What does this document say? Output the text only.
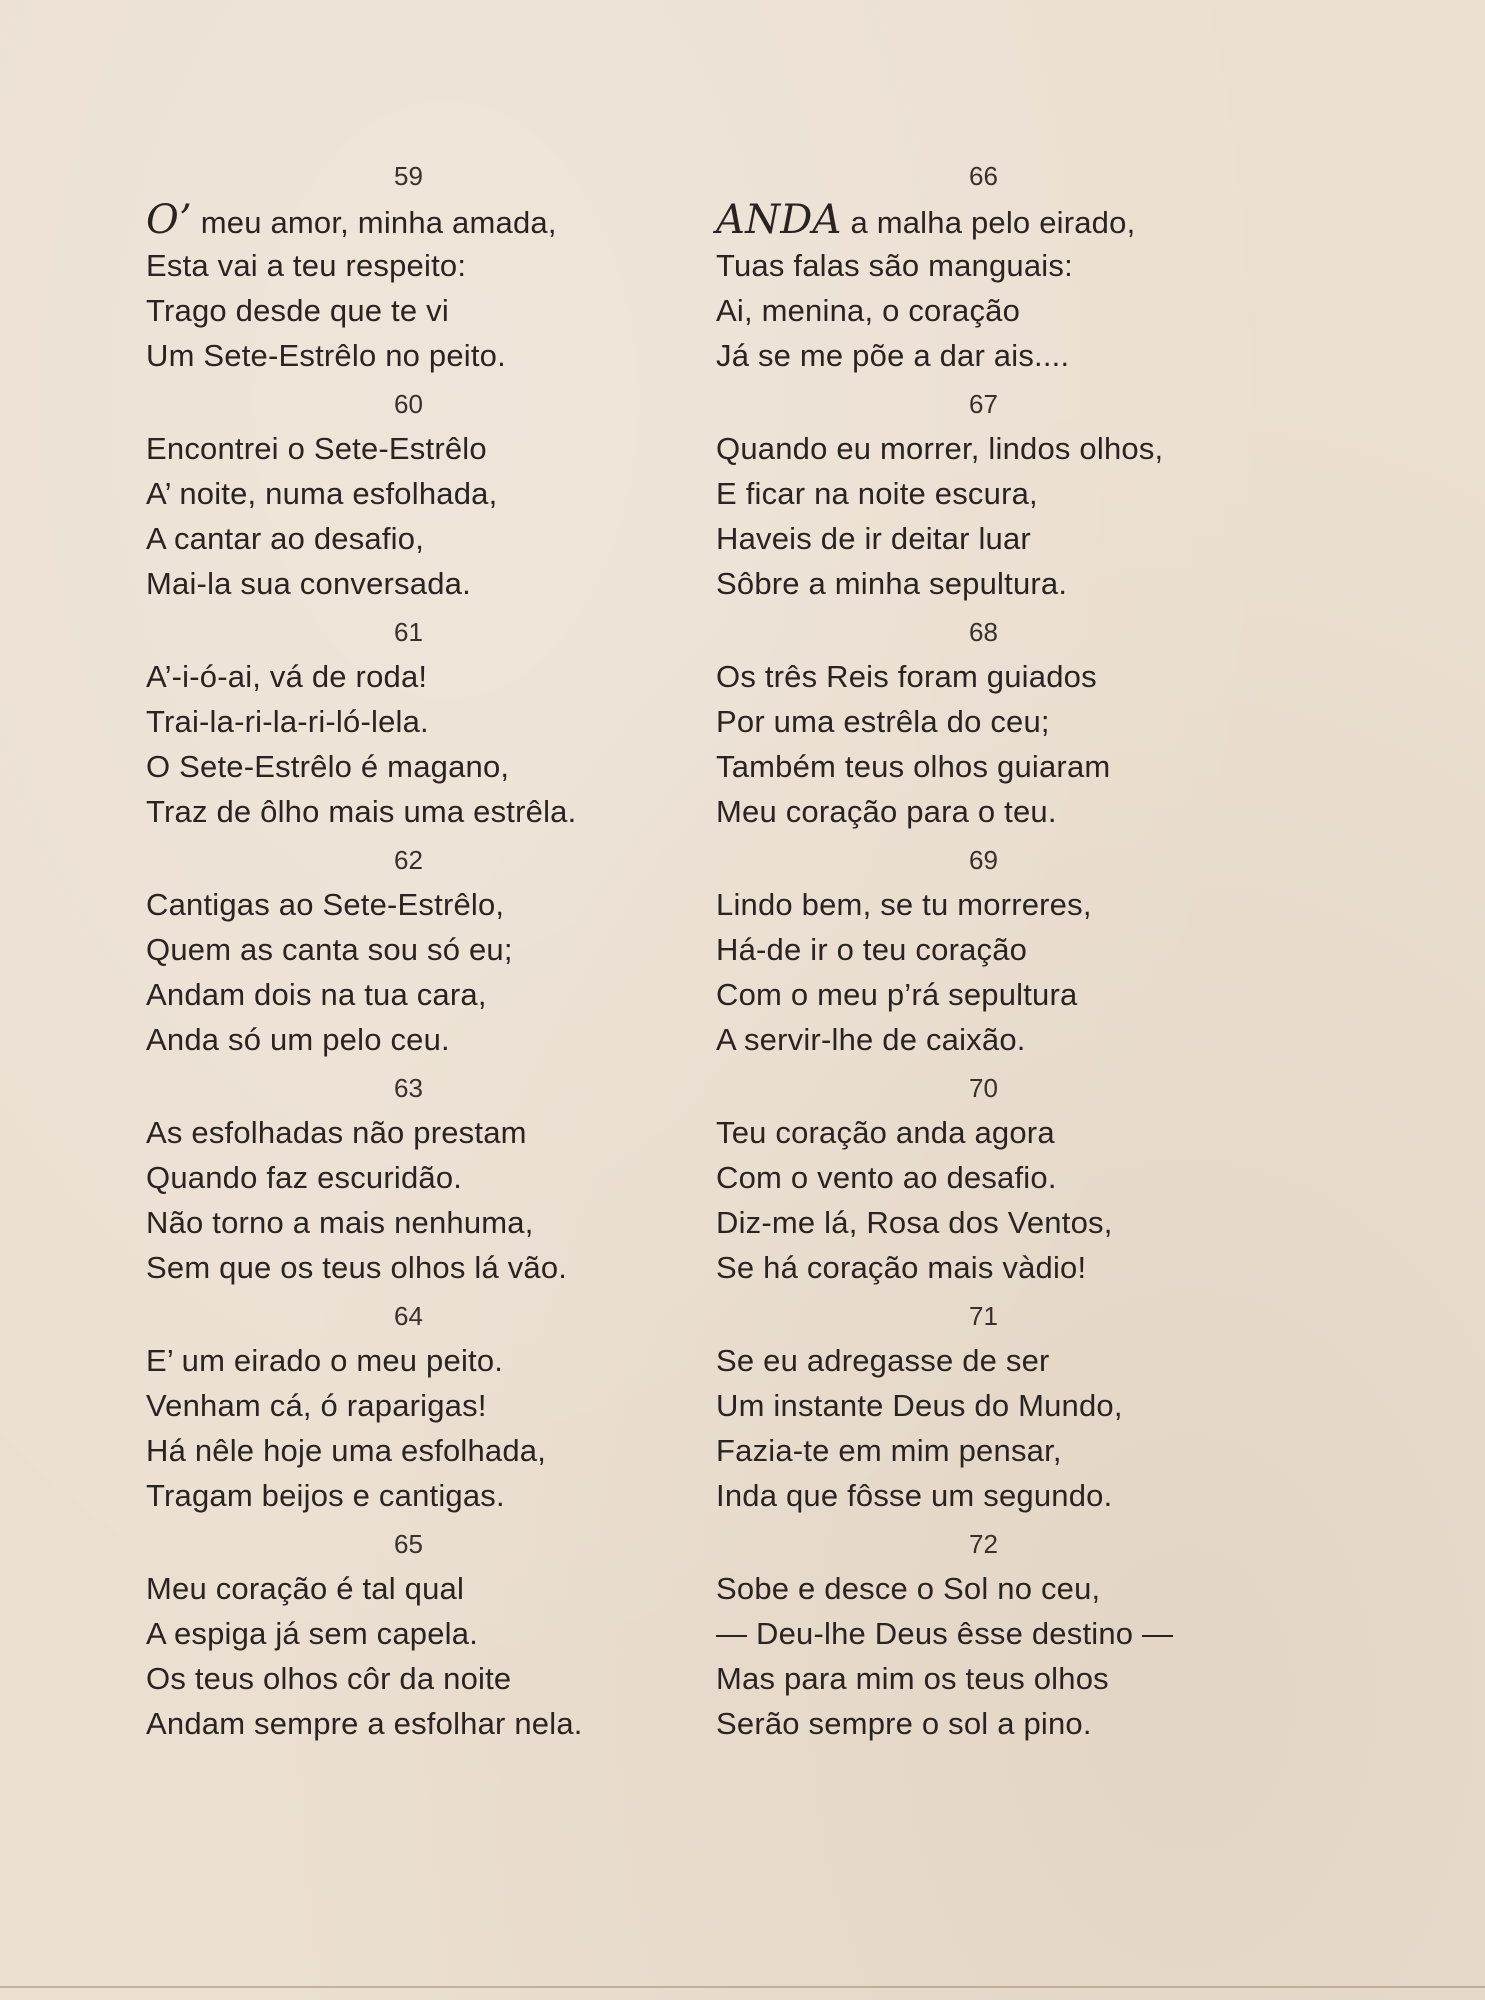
59
O’ meu amor, minha amada,
Esta vai a teu respeito:
Trago desde que te vi
Um Sete-Estrêlo no peito.
60
Encontrei o Sete-Estrêlo
A’ noite, numa esfolhada,
A cantar ao desafio,
Mai-la sua conversada.
61
A’-i-ó-ai, vá de roda!
Trai-la-ri-la-ri-ló-lela.
O Sete-Estrêlo é magano,
Traz de ôlho mais uma estrêla.
62
Cantigas ao Sete-Estrêlo,
Quem as canta sou só eu;
Andam dois na tua cara,
Anda só um pelo ceu.
63
As esfolhadas não prestam
Quando faz escuridão.
Não torno a mais nenhuma,
Sem que os teus olhos lá vão.
64
E’ um eirado o meu peito.
Venham cá, ó raparigas!
Há nêle hoje uma esfolhada,
Tragam beijos e cantigas.
65
Meu coração é tal qual
A espiga já sem capela.
Os teus olhos côr da noite
Andam sempre a esfolhar nela.
66
ANDA a malha pelo eirado,
Tuas falas são manguais:
Ai, menina, o coração
Já se me põe a dar ais....
67
Quando eu morrer, lindos olhos,
E ficar na noite escura,
Haveis de ir deitar luar
Sôbre a minha sepultura.
68
Os três Reis foram guiados
Por uma estrêla do ceu;
Também teus olhos guiaram
Meu coração para o teu.
69
Lindo bem, se tu morreres,
Há-de ir o teu coração
Com o meu p’rá sepultura
A servir-lhe de caixão.
70
Teu coração anda agora
Com o vento ao desafio.
Diz-me lá, Rosa dos Ventos,
Se há coração mais vàdio!
71
Se eu adregasse de ser
Um instante Deus do Mundo,
Fazia-te em mim pensar,
Inda que fôsse um segundo.
72
Sobe e desce o Sol no ceu,
— Deu-lhe Deus êsse destino —
Mas para mim os teus olhos
Serão sempre o sol a pino.
